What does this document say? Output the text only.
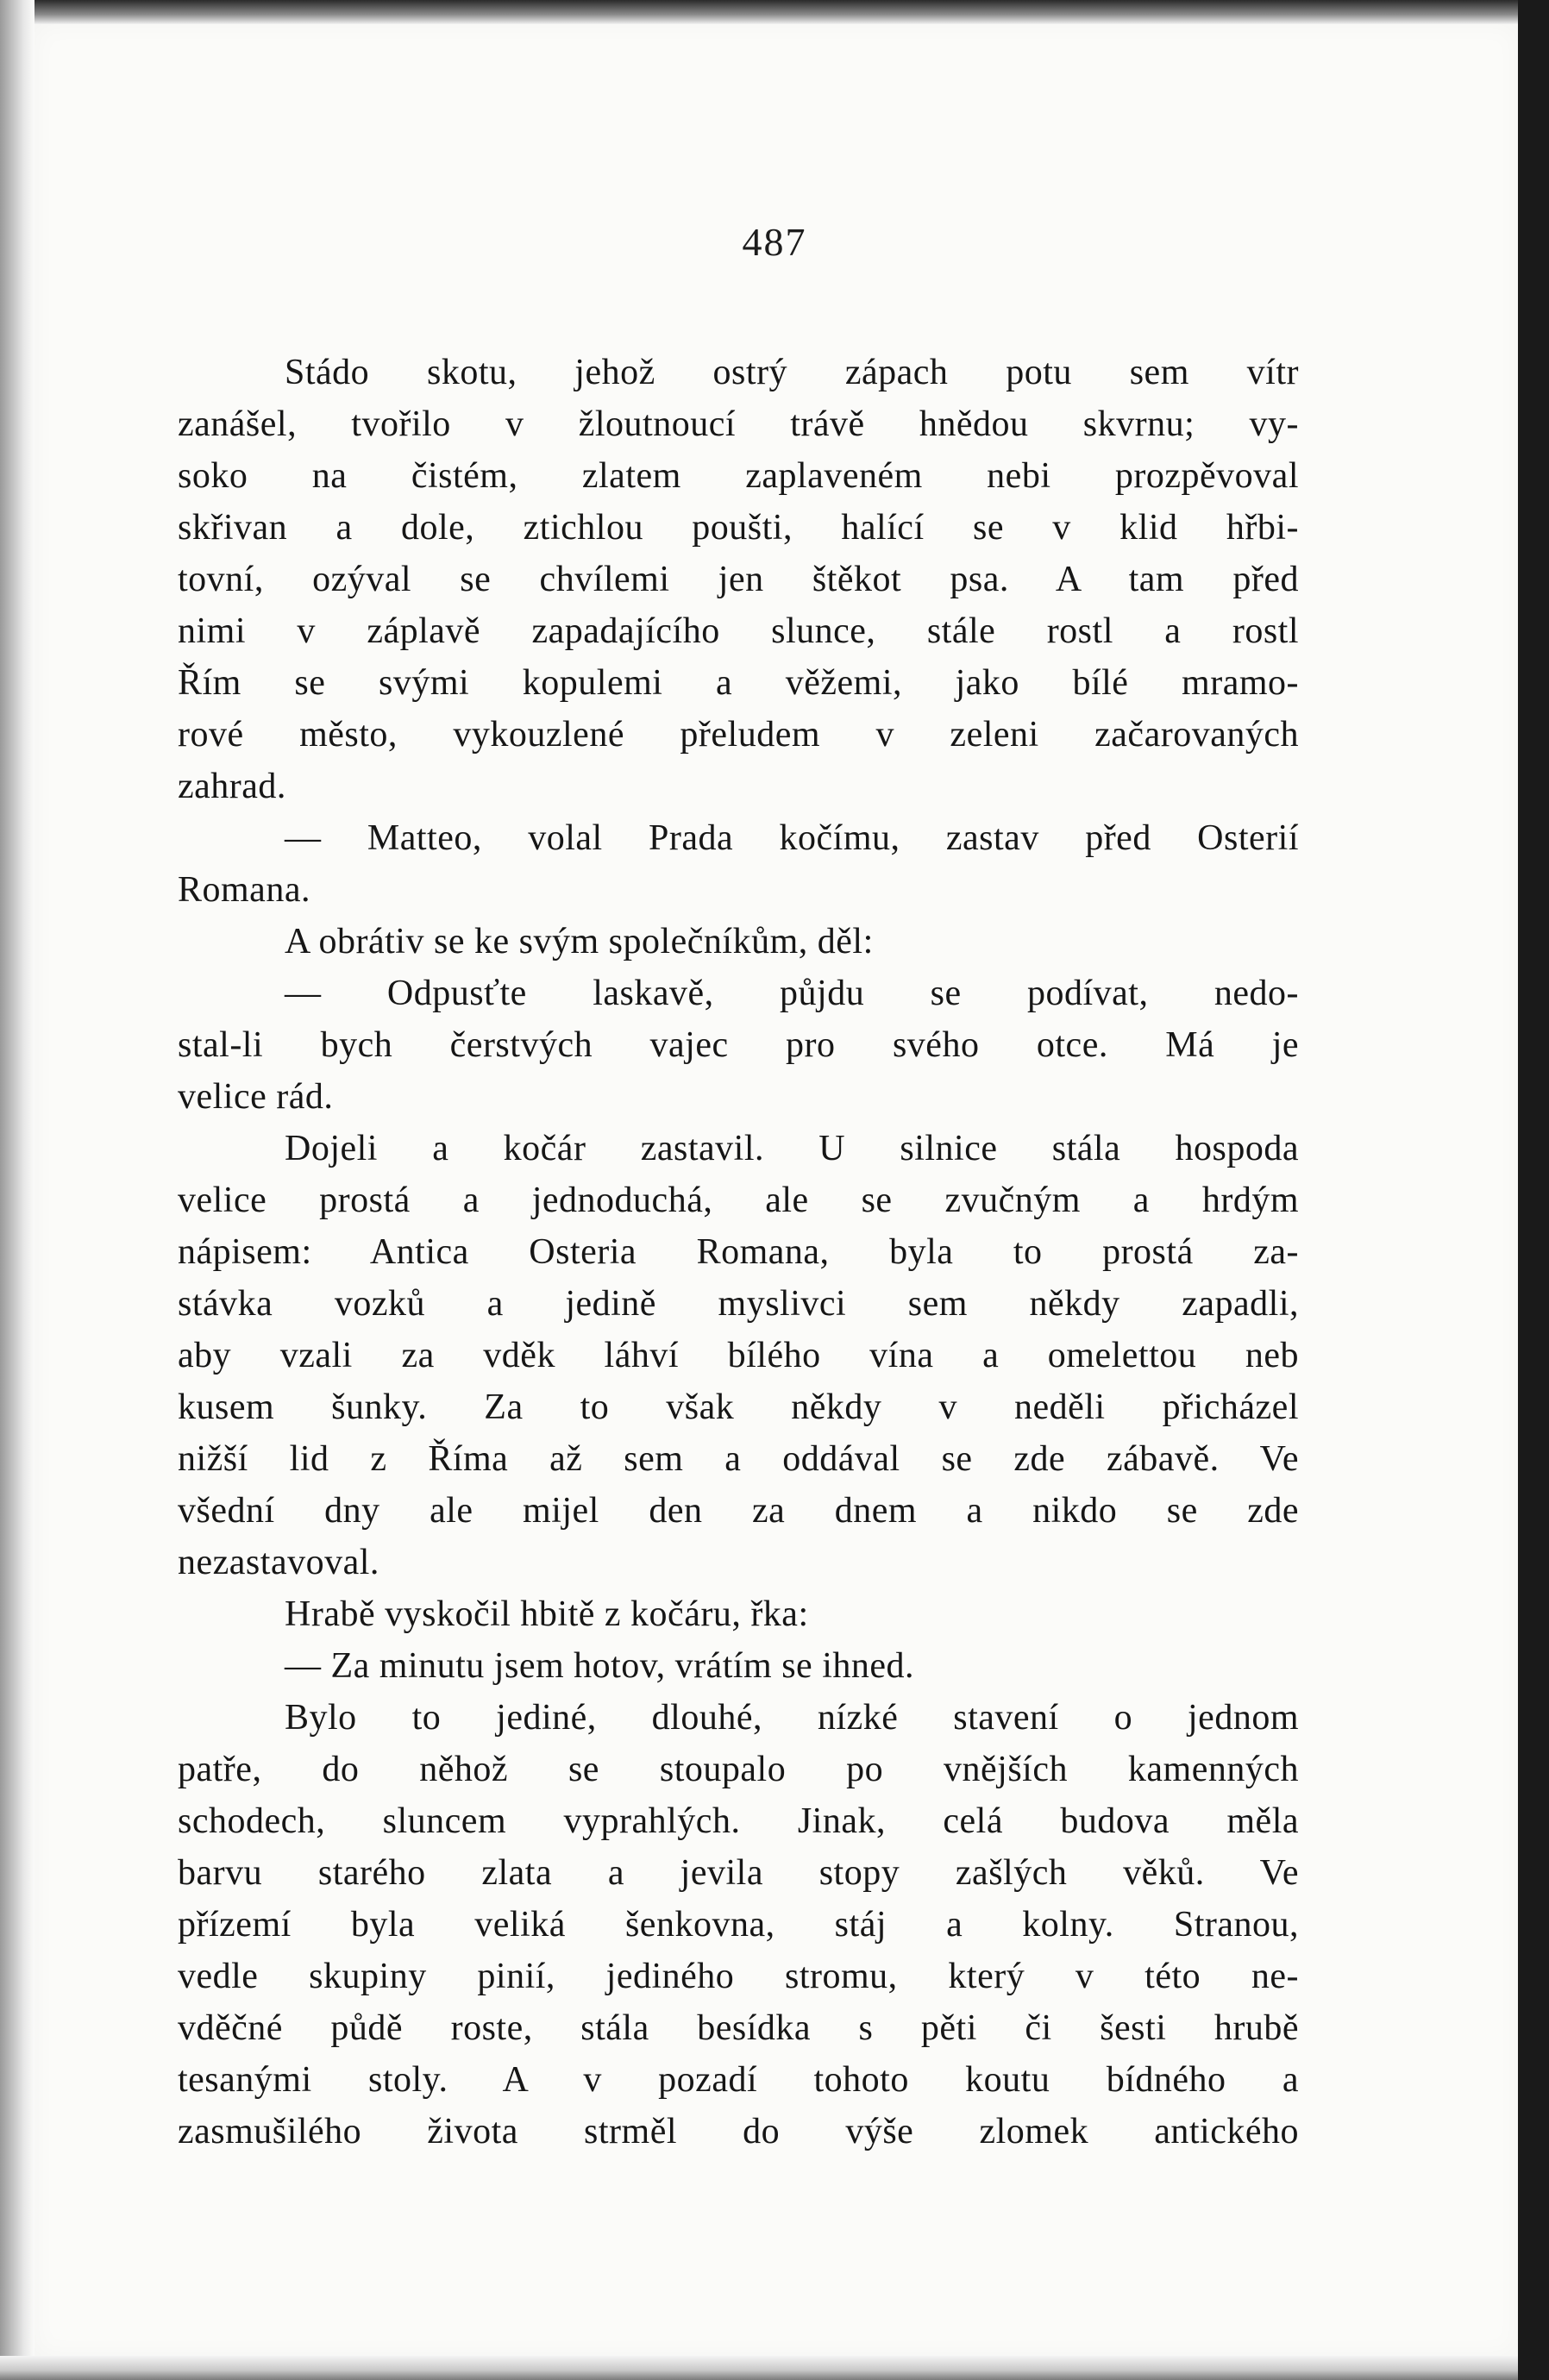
487
Stádo skotu, jehož ostrý zápach potu sem vítr
zanášel, tvořilo v žloutnoucí trávě hnědou skvrnu; vy-
soko na čistém, zlatem zaplaveném nebi prozpěvoval
skřivan a dole, ztichlou poušti, halící se v klid hřbi-
tovní, ozýval se chvílemi jen štěkot psa. A tam před
nimi v záplavě zapadajícího slunce, stále rostl a rostl
Řím se svými kopulemi a věžemi, jako bílé mramo-
rové město, vykouzlené přeludem v zeleni začarovaných
zahrad.
— Matteo, volal Prada kočímu, zastav před Osterií
Romana.
A obrátiv se ke svým společníkům, děl:
— Odpusťte laskavě, půjdu se podívat, nedo-
stal-li bych čerstvých vajec pro svého otce. Má je
velice rád.
Dojeli a kočár zastavil. U silnice stála hospoda
velice prostá a jednoduchá, ale se zvučným a hrdým
nápisem: Antica Osteria Romana, byla to prostá za-
stávka vozků a jedině myslivci sem někdy zapadli,
aby vzali za vděk láhví bílého vína a omelettou neb
kusem šunky. Za to však někdy v neděli přicházel
nižší lid z Říma až sem a oddával se zde zábavě. Ve
všední dny ale mijel den za dnem a nikdo se zde
nezastavoval.
Hrabě vyskočil hbitě z kočáru, řka:
— Za minutu jsem hotov, vrátím se ihned.
Bylo to jediné, dlouhé, nízké stavení o jednom
patře, do něhož se stoupalo po vnějších kamenných
schodech, sluncem vyprahlých. Jinak, celá budova měla
barvu starého zlata a jevila stopy zašlých věků. Ve
přízemí byla veliká šenkovna, stáj a kolny. Stranou,
vedle skupiny pinií, jediného stromu, který v této ne-
vděčné půdě roste, stála besídka s pěti či šesti hrubě
tesanými stoly. A v pozadí tohoto koutu bídného a
zasmušilého života strměl do výše zlomek antického
